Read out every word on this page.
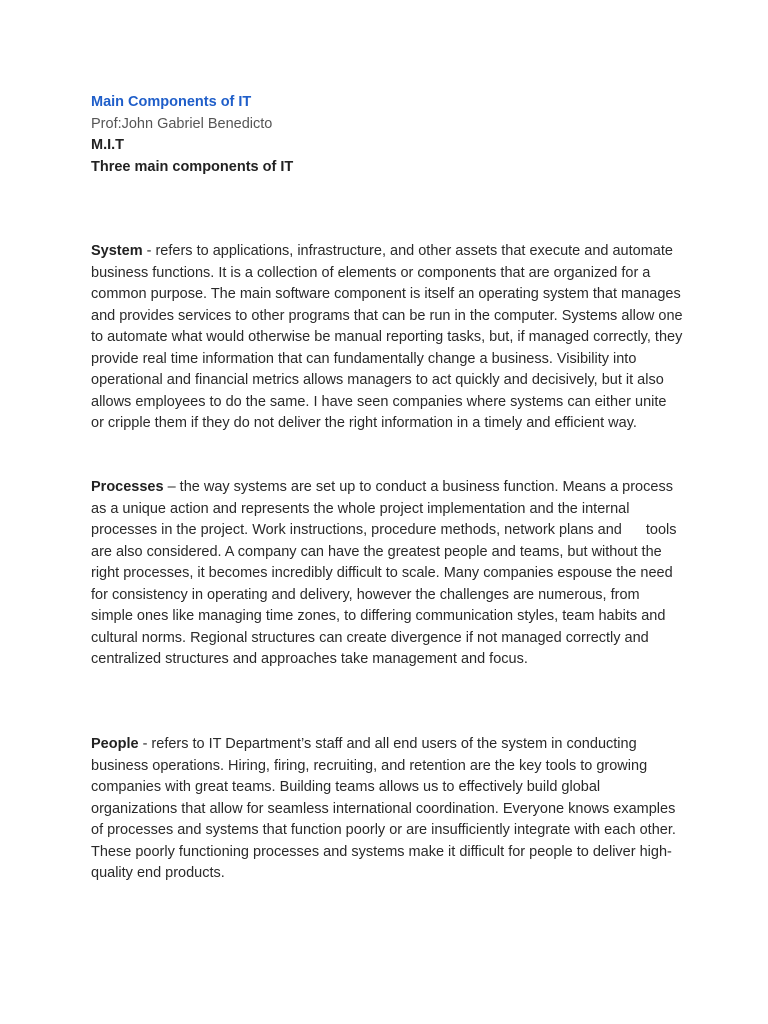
Main Components of IT
Prof:John Gabriel Benedicto
M.I.T
Three main components of IT

System - refers to applications, infrastructure, and other assets that execute and automate business functions. It is a collection of elements or components that are organized for a common purpose. The main software component is itself an operating system that manages and provides services to other programs that can be run in the computer. Systems allow one to automate what would otherwise be manual reporting tasks, but, if managed correctly, they provide real time information that can fundamentally change a business. Visibility into operational and financial metrics allows managers to act quickly and decisively, but it also allows employees to do the same. I have seen companies where systems can either unite or cripple them if they do not deliver the right information in a timely and efficient way.

Processes – the way systems are set up to conduct a business function. Means a process as a unique action and represents the whole project implementation and the internal processes in the project. Work instructions, procedure methods, network plans and tools are also considered. A company can have the greatest people and teams, but without the right processes, it becomes incredibly difficult to scale. Many companies espouse the need for consistency in operating and delivery, however the challenges are numerous, from simple ones like managing time zones, to differing communication styles, team habits and cultural norms. Regional structures can create divergence if not managed correctly and centralized structures and approaches take management and focus.

People - refers to IT Department’s staff and all end users of the system in conducting business operations. Hiring, firing, recruiting, and retention are the key tools to growing companies with great teams. Building teams allows us to effectively build global organizations that allow for seamless international coordination. Everyone knows examples of processes and systems that function poorly or are insufficiently integrate with each other. These poorly functioning processes and systems make it difficult for people to deliver high-quality end products.
